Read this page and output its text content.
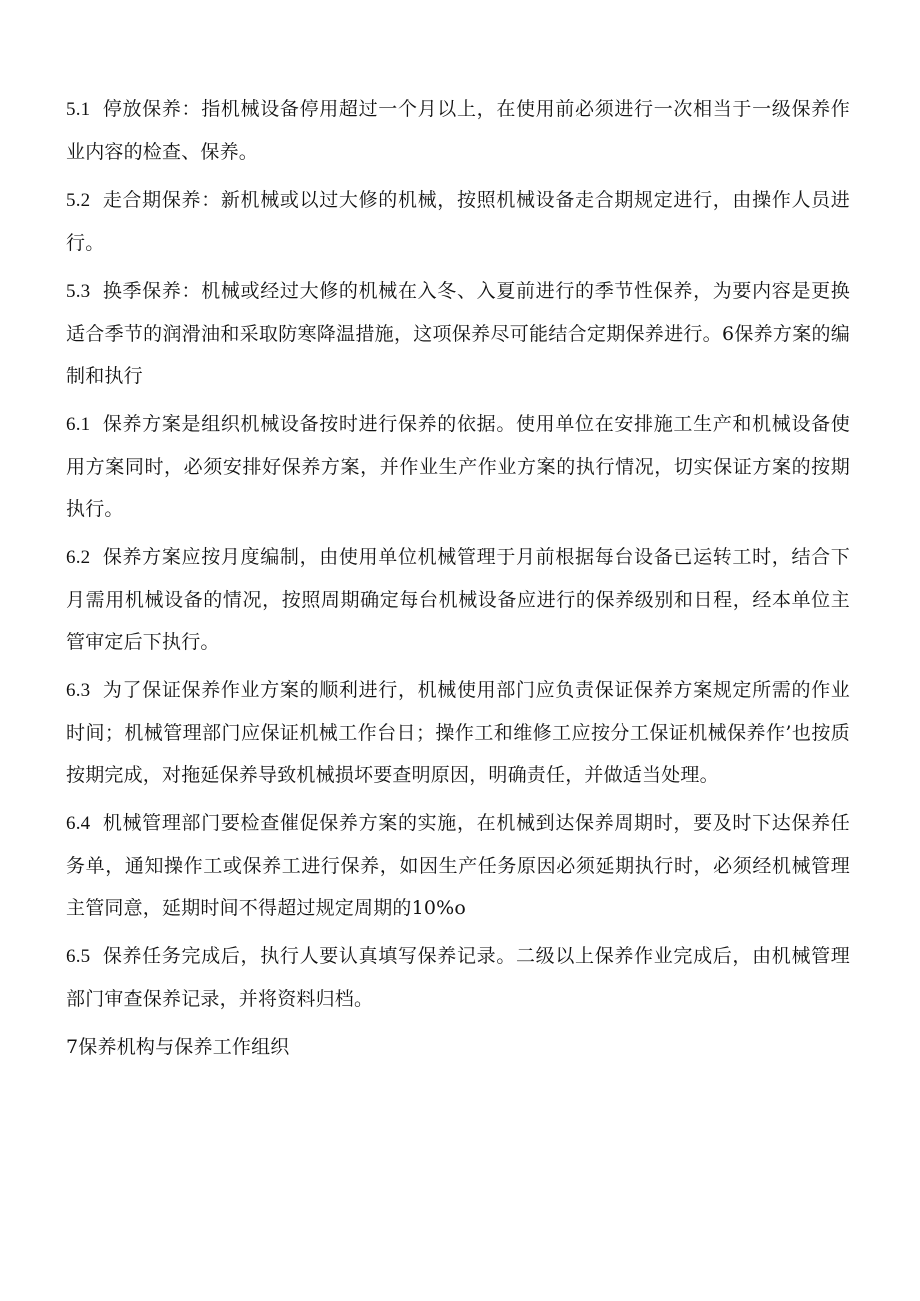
5.1 停放保养：指机械设备停用超过一个月以上，在使用前必须进行一次相当于一级保养作业内容的检查、保养。

5.2 走合期保养：新机械或以过大修的机械，按照机械设备走合期规定进行，由操作人员进行。

5.3 换季保养：机械或经过大修的机械在入冬、入夏前进行的季节性保养，为要内容是更换适合季节的润滑油和采取防寒降温措施，这项保养尽可能结合定期保养进行。6保养方案的编制和执行

6.1 保养方案是组织机械设备按时进行保养的依据。使用单位在安排施工生产和机械设备使用方案同时，必须安排好保养方案，并作业生产作业方案的执行情况，切实保证方案的按期执行。

6.2 保养方案应按月度编制，由使用单位机械管理于月前根据每台设备已运转工时，结合下月需用机械设备的情况，按照周期确定每台机械设备应进行的保养级别和日程，经本单位主管审定后下执行。

6.3 为了保证保养作业方案的顺利进行，机械使用部门应负责保证保养方案规定所需的作业时间；机械管理部门应保证机械工作台日；操作工和维修工应按分工保证机械保养作’也按质按期完成，对拖延保养导致机械损坏要查明原因，明确责任，并做适当处理。

6.4 机械管理部门要检查催促保养方案的实施，在机械到达保养周期时，要及时下达保养任务单，通知操作工或保养工进行保养，如因生产任务原因必须延期执行时，必须经机械管理主管同意，延期时间不得超过规定周期的10%o

6.5 保养任务完成后，执行人要认真填写保养记录。二级以上保养作业完成后，由机械管理部门审查保养记录，并将资料归档。

7保养机构与保养工作组织
